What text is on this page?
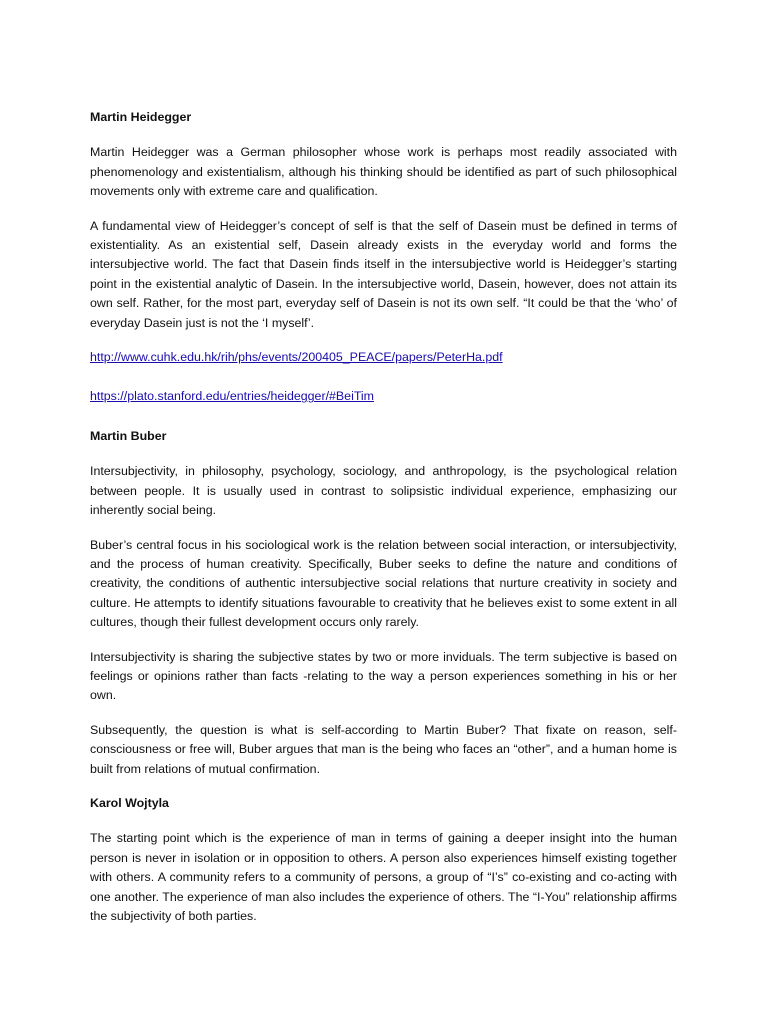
Martin Heidegger

Martin Heidegger was a German philosopher whose work is perhaps most readily associated with phenomenology and existentialism, although his thinking should be identified as part of such philosophical movements only with extreme care and qualification.

A fundamental view of Heidegger’s concept of self is that the self of Dasein must be defined in terms of existentiality. As an existential self, Dasein already exists in the everyday world and forms the intersubjective world. The fact that Dasein finds itself in the intersubjective world is Heidegger’s starting point in the existential analytic of Dasein. In the intersubjective world, Dasein, however, does not attain its own self. Rather, for the most part, everyday self of Dasein is not its own self. “It could be that the ‘who’ of everyday Dasein just is not the ‘I myself’.

http://www.cuhk.edu.hk/rih/phs/events/200405_PEACE/papers/PeterHa.pdf
https://plato.stanford.edu/entries/heidegger/#BeiTim
Martin Buber

Intersubjectivity, in philosophy, psychology, sociology, and anthropology, is the psychological relation between people. It is usually used in contrast to solipsistic individual experience, emphasizing our inherently social being.

Buber’s central focus in his sociological work is the relation between social interaction, or intersubjectivity, and the process of human creativity. Specifically, Buber seeks to define the nature and conditions of creativity, the conditions of authentic intersubjective social relations that nurture creativity in society and culture. He attempts to identify situations favourable to creativity that he believes exist to some extent in all cultures, though their fullest development occurs only rarely.

Intersubjectivity is sharing the subjective states by two or more inviduals. The term subjective is based on feelings or opinions rather than facts -relating to the way a person experiences something in his or her own.

Subsequently, the question is what is self-according to Martin Buber? That fixate on reason, self-consciousness or free will, Buber argues that man is the being who faces an “other”, and a human home is built from relations of mutual confirmation.

Karol Wojtyla

The starting point which is the experience of man in terms of gaining a deeper insight into the human person is never in isolation or in opposition to others. A person also experiences himself existing together with others. A community refers to a community of persons, a group of “I’s” co-existing and co-acting with one another. The experience of man also includes the experience of others. The “I-You” relationship affirms the subjectivity of both parties.
